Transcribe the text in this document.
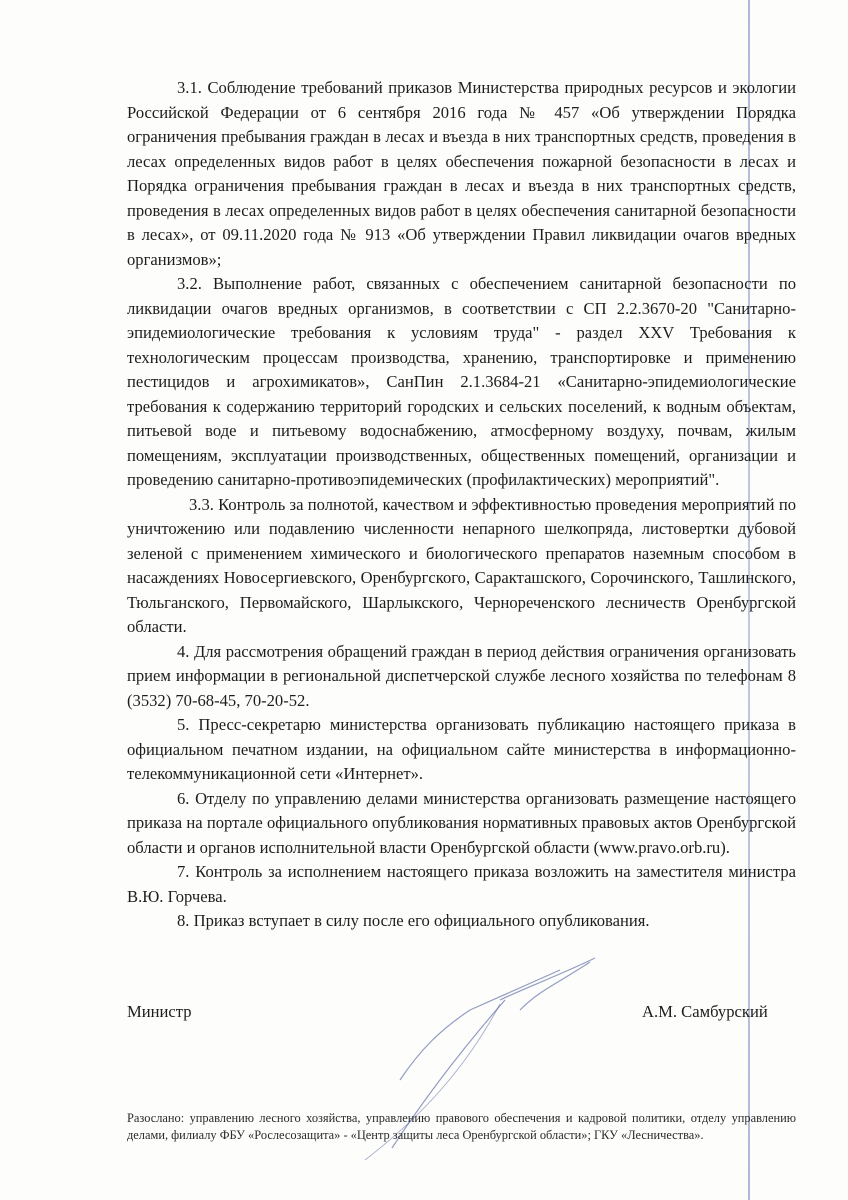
3.1. Соблюдение требований приказов Министерства природных ресурсов и экологии Российской Федерации от 6 сентября 2016 года № 457 «Об утверждении Порядка ограничения пребывания граждан в лесах и въезда в них транспортных средств, проведения в лесах определенных видов работ в целях обеспечения пожарной безопасности в лесах и Порядка ограничения пребывания граждан в лесах и въезда в них транспортных средств, проведения в лесах определенных видов работ в целях обеспечения санитарной безопасности в лесах», от 09.11.2020 года № 913 «Об утверждении Правил ликвидации очагов вредных организмов»;

3.2. Выполнение работ, связанных с обеспечением санитарной безопасности по ликвидации очагов вредных организмов, в соответствии с СП 2.2.3670-20 "Санитарно-эпидемиологические требования к условиям труда" - раздел XXV Требования к технологическим процессам производства, хранению, транспортировке и применению пестицидов и агрохимикатов», СанПин 2.1.3684-21 «Санитарно-эпидемиологические требования к содержанию территорий городских и сельских поселений, к водным объектам, питьевой воде и питьевому водоснабжению, атмосферному воздуху, почвам, жилым помещениям, эксплуатации производственных, общественных помещений, организации и проведению санитарно-противоэпидемических (профилактических) мероприятий".

3.3. Контроль за полнотой, качеством и эффективностью проведения мероприятий по уничтожению или подавлению численности непарного шелкопряда, листовертки дубовой зеленой с применением химического и биологического препаратов наземным способом в насаждениях Новосергиевского, Оренбургского, Саракташского, Сорочинского, Ташлинского, Тюльганского, Первомайского, Шарлыкского, Чернореченского лесничеств Оренбургской области.

4. Для рассмотрения обращений граждан в период действия ограничения организовать прием информации в региональной диспетчерской службе лесного хозяйства по телефонам 8 (3532) 70-68-45, 70-20-52.

5. Пресс-секретарю министерства организовать публикацию настоящего приказа в официальном печатном издании, на официальном сайте министерства в информационно-телекоммуникационной сети «Интернет».

6. Отделу по управлению делами министерства организовать размещение настоящего приказа на портале официального опубликования нормативных правовых актов Оренбургской области и органов исполнительной власти Оренбургской области (www.pravo.orb.ru).

7. Контроль за исполнением настоящего приказа возложить на заместителя министра В.Ю. Горчева.

8. Приказ вступает в силу после его официального опубликования.

Министр	А.М. Самбурский
Разослано: управлению лесного хозяйства, управлению правового обеспечения и кадровой политики, отделу управлению делами, филиалу ФБУ «Рослесозащита» - «Центр защиты леса Оренбургской области»; ГКУ «Лесничества».
